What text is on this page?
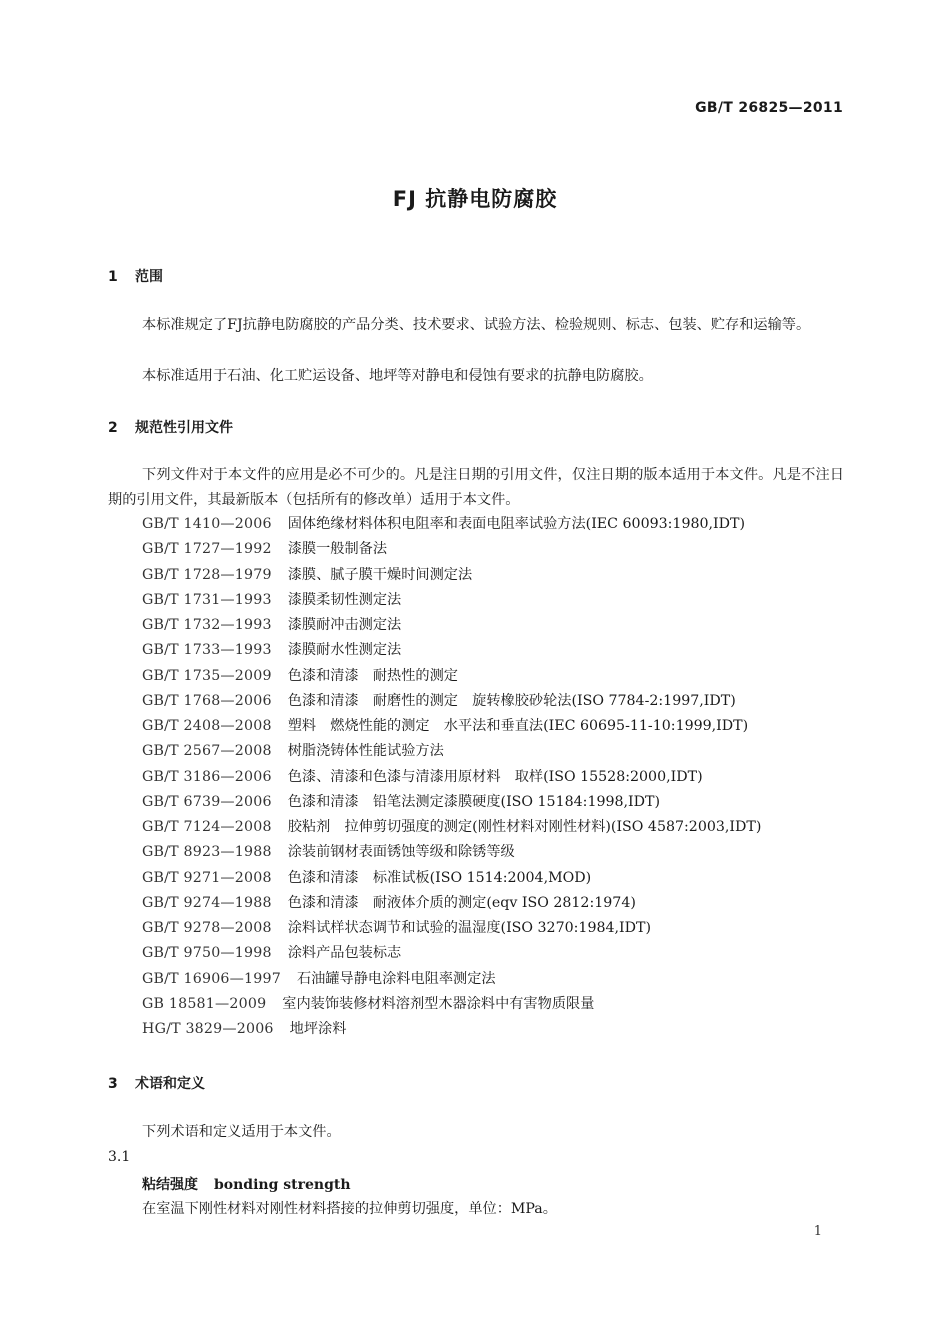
GB/T 26825—2011
FJ 抗静电防腐胶
1 范围
本标准规定了FJ抗静电防腐胶的产品分类、技术要求、试验方法、检验规则、标志、包装、贮存和运输等。
本标准适用于石油、化工贮运设备、地坪等对静电和侵蚀有要求的抗静电防腐胶。
2 规范性引用文件
下列文件对于本文件的应用是必不可少的。凡是注日期的引用文件，仅注日期的版本适用于本文件。凡是不注日期的引用文件，其最新版本（包括所有的修改单）适用于本文件。
GB/T 1410—2006 固体绝缘材料体积电阻率和表面电阻率试验方法(IEC 60093:1980,IDT)
GB/T 1727—1992 漆膜一般制备法
GB/T 1728—1979 漆膜、腻子膜干燥时间测定法
GB/T 1731—1993 漆膜柔韧性测定法
GB/T 1732—1993 漆膜耐冲击测定法
GB/T 1733—1993 漆膜耐水性测定法
GB/T 1735—2009 色漆和清漆　耐热性的测定
GB/T 1768—2006 色漆和清漆　耐磨性的测定　旋转橡胶砂轮法(ISO 7784-2:1997,IDT)
GB/T 2408—2008 塑料　燃烧性能的测定　水平法和垂直法(IEC 60695-11-10:1999,IDT)
GB/T 2567—2008 树脂浇铸体性能试验方法
GB/T 3186—2006 色漆、清漆和色漆与清漆用原材料　取样(ISO 15528:2000,IDT)
GB/T 6739—2006 色漆和清漆　铅笔法测定漆膜硬度(ISO 15184:1998,IDT)
GB/T 7124—2008 胶粘剂　拉伸剪切强度的测定(刚性材料对刚性材料)(ISO 4587:2003,IDT)
GB/T 8923—1988 涂装前钢材表面锈蚀等级和除锈等级
GB/T 9271—2008 色漆和清漆　标准试板(ISO 1514:2004,MOD)
GB/T 9274—1988 色漆和清漆　耐液体介质的测定(eqv ISO 2812:1974)
GB/T 9278—2008 涂料试样状态调节和试验的温湿度(ISO 3270:1984,IDT)
GB/T 9750—1998 涂料产品包装标志
GB/T 16906—1997 石油罐导静电涂料电阻率测定法
GB 18581—2009 室内装饰装修材料溶剂型木器涂料中有害物质限量
HG/T 3829—2006 地坪涂料
3 术语和定义
下列术语和定义适用于本文件。
3.1
粘结强度 bonding strength
在室温下刚性材料对刚性材料搭接的拉伸剪切强度，单位：MPa。
1
